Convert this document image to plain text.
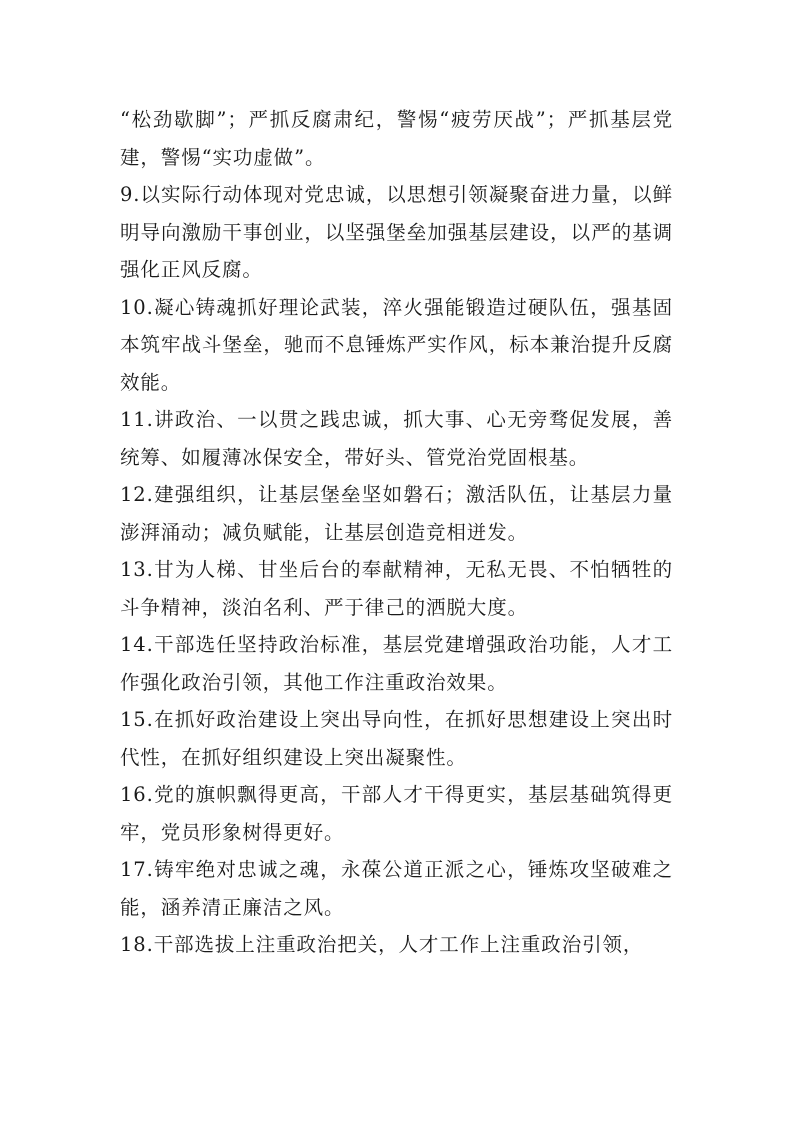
“松劲歇脚”；严抓反腐肃纪，警惕“疲劳厌战”；严抓基层党建，警惕“实功虚做”。

9.以实际行动体现对党忠诚，以思想引领凝聚奋进力量，以鲜明导向激励干事创业，以坚强堡垒加强基层建设，以严的基调强化正风反腐。

10.凝心铸魂抓好理论武装，淬火强能锻造过硬队伍，强基固本筑牢战斗堡垒，驰而不息锤炼严实作风，标本兼治提升反腐效能。

11.讲政治、一以贯之践忠诚，抓大事、心无旁骛促发展，善统筹、如履薄冰保安全，带好头、管党治党固根基。

12.建强组织，让基层堡垒坚如磐石；激活队伍，让基层力量澎湃涌动；减负赋能，让基层创造竞相迸发。

13.甘为人梯、甘坐后台的奉献精神，无私无畏、不怕牺牲的斗争精神，淡泊名利、严于律己的洒脱大度。

14.干部选任坚持政治标准，基层党建增强政治功能，人才工作强化政治引领，其他工作注重政治效果。

15.在抓好政治建设上突出导向性，在抓好思想建设上突出时代性，在抓好组织建设上突出凝聚性。

16.党的旗帜飘得更高，干部人才干得更实，基层基础筑得更牢，党员形象树得更好。

17.铸牢绝对忠诚之魂，永葆公道正派之心，锤炼攻坚破难之能，涵养清正廉洁之风。

18.干部选拔上注重政治把关，人才工作上注重政治引领，
